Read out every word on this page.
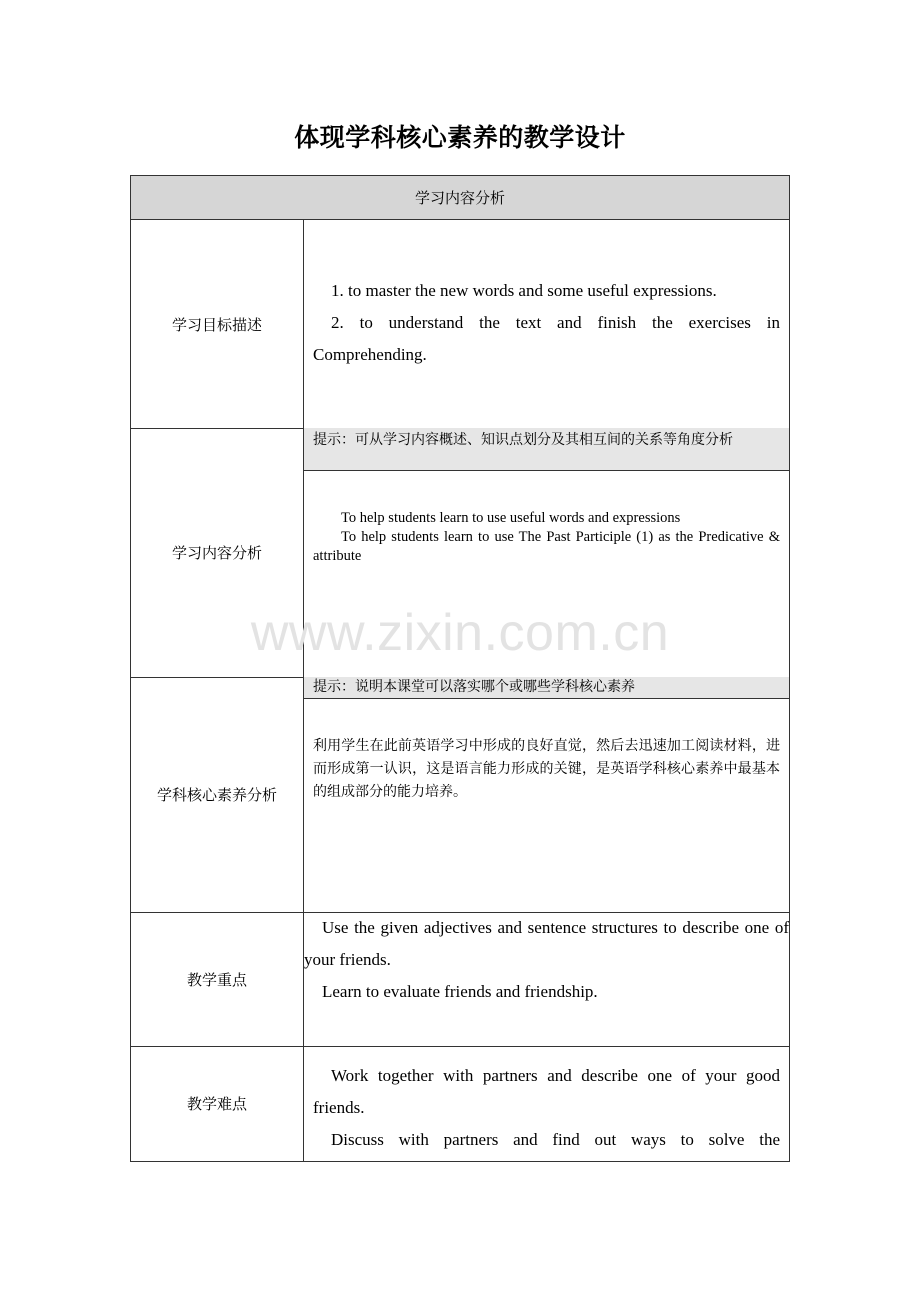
体现学科核心素养的教学设计
学习内容分析
学习目标描述

1. to master the new words and some useful expressions.

2. to understand the text and finish the exercises in Comprehending.

学习内容分析
提示：可从学习内容概述、知识点划分及其相互间的关系等角度分析

To help students learn to use useful words and expressions

To help students learn to use The Past Participle (1) as the Predicative & attribute

学科核心素养分析
提示：说明本课堂可以落实哪个或哪些学科核心素养

利用学生在此前英语学习中形成的良好直觉，然后去迅速加工阅读材料，进而形成第一认识，这是语言能力形成的关键，是英语学科核心素养中最基本的组成部分的能力培养。

教学重点

Use the given adjectives and sentence structures to describe one of your friends.

Learn to evaluate friends and friendship.

教学难点

Work together with partners and describe one of your good friends.

Discuss with partners and find out ways to solve the

www.zixin.com.cn
